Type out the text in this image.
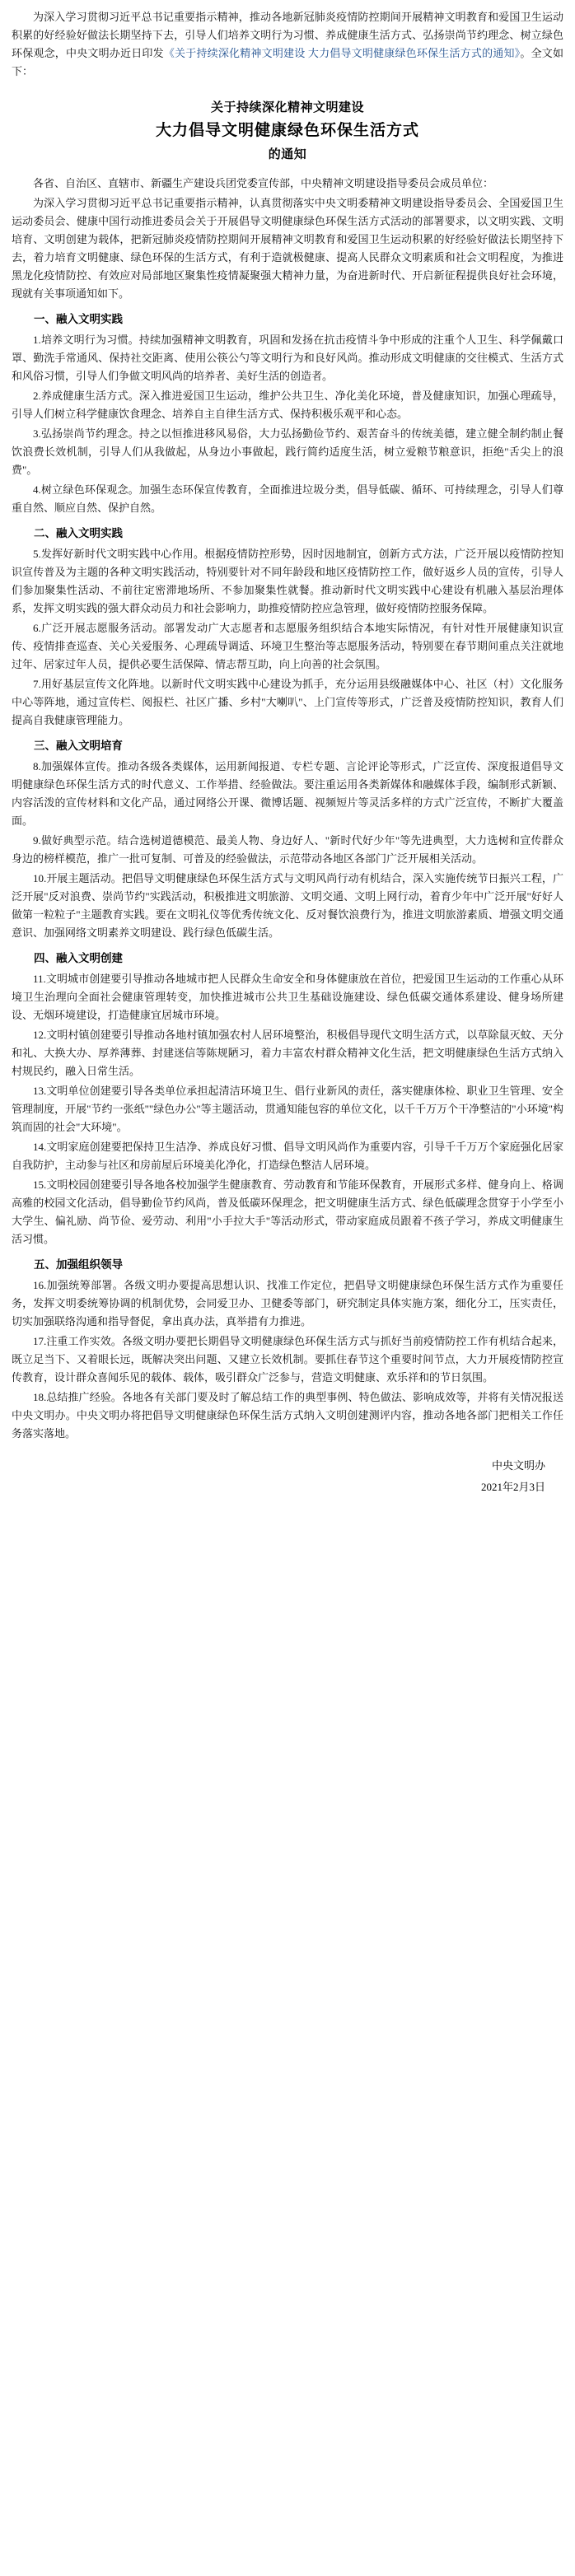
为深入学习贯彻习近平总书记重要指示精神，推动各地新冠肺炎疫情防控期间开展精神文明教育和爱国卫生运动积累的好经验好做法长期坚持下去，引导人们培养文明行为习惯、养成健康生活方式、弘扬崇尚节约理念、树立绿色环保观念，中央文明办近日印发《关于持续深化精神文明建设 大力倡导文明健康绿色环保生活方式的通知》。全文如下：
关于持续深化精神文明建设
大力倡导文明健康绿色环保生活方式
的通知

各省、自治区、直辖市、新疆生产建设兵团党委宣传部，中央精神文明建设指导委员会成员单位：

为深入学习贯彻习近平总书记重要指示精神，认真贯彻落实中央文明委精神文明建设指导委员会、全国爱国卫生运动委员会、健康中国行动推进委员会关于开展倡导文明健康绿色环保生活方式活动的部署要求，以文明实践、文明培育、文明创建为载体，把新冠肺炎疫情防控期间开展精神文明教育和爱国卫生运动积累的好经验好做法长期坚持下去，着力培育文明健康、绿色环保的生活方式，有利于造就极健康、提高人民群众文明素质和社会文明程度，为推进黑龙化疫情防控、有效应对局部地区聚集性疫情凝聚强大精神力量，为奋进新时代、开启新征程提供良好社会环境，现就有关事项通知如下。

一、融入文明实践

1.培养文明行为习惯。持续加强精神文明教育，巩固和发扬在抗击疫情斗争中形成的注重个人卫生、科学佩戴口罩、勤洗手常通风、保持社交距离、使用公筷公勺等文明行为和良好风尚。推动形成文明健康的交往模式、生活方式和风俗习惯，引导人们争做文明风尚的培养者、美好生活的创造者。

2.养成健康生活方式。深入推进爱国卫生运动，维护公共卫生、净化美化环境，普及健康知识，加强心理疏导，引导人们树立科学健康饮食理念、培养自主自律生活方式、保持积极乐观平和心态。

3.弘扬崇尚节约理念。持之以恒推进移风易俗，大力弘扬勤俭节约、艰苦奋斗的传统美德，建立健全制约制止餐饮浪费长效机制，引导人们从我做起，从身边小事做起，践行简约适度生活，树立爱粮节粮意识，拒绝"舌尖上的浪费"。

4.树立绿色环保观念。加强生态环保宣传教育，全面推进垃圾分类，倡导低碳、循环、可持续理念，引导人们尊重自然、顺应自然、保护自然。

二、融入文明实践

5.发挥好新时代文明实践中心作用。根据疫情防控形势，因时因地制宜，创新方式方法，广泛开展以疫情防控知识宣传普及为主题的各种文明实践活动，特别要针对不同年龄段和地区疫情防控工作，做好返乡人员的宣传，引导人们参加聚集性活动、不前往定密滞地场所、不参加聚集性就餐。推动新时代文明实践中心建设有机融入基层治理体系，发挥文明实践的强大群众动员力和社会影响力，助推疫情防控应急管理，做好疫情防控服务保障。

6.广泛开展志愿服务活动。部署发动广大志愿者和志愿服务组织结合本地实际情况，有针对性开展健康知识宣传、疫情排查巡查、关心关爱服务、心理疏导调适、环境卫生整治等志愿服务活动，特别要在春节期间重点关注就地过年、居家过年人员，提供必要生活保障、情志帮互助，向上向善的社会氛围。

7.用好基层宣传文化阵地。以新时代文明实践中心建设为抓手，充分运用县级融媒体中心、社区（村）文化服务中心等阵地，通过宣传栏、阅报栏、社区广播、乡村"大喇叭"、上门宣传等形式，广泛普及疫情防控知识，教育人们提高自我健康管理能力。

三、融入文明培育

8.加强媒体宣传。推动各级各类媒体，运用新闻报道、专栏专题、言论评论等形式，广泛宣传、深度报道倡导文明健康绿色环保生活方式的时代意义、工作举措、经验做法。要注重运用各类新媒体和融媒体手段，编制形式新颖、内容活泼的宣传材料和文化产品，通过网络公开课、微博话题、视频短片等灵活多样的方式广泛宣传，不断扩大覆盖面。

9.做好典型示范。结合选树道德模范、最美人物、身边好人、"新时代好少年"等先进典型，大力选树和宣传群众身边的榜样模范，推广一批可复制、可普及的经验做法，示范带动各地区各部门广泛开展相关活动。

10.开展主题活动。把倡导文明健康绿色环保生活方式与文明风尚行动有机结合，深入实施传统节日振兴工程，广泛开展"反对浪费、崇尚节约"实践活动，积极推进文明旅游、文明交通、文明上网行动，着育少年中广泛开展"好好人做第一粒粒子"主题教育实践。要在文明礼仪等优秀传统文化、反对餐饮浪费行为，推进文明旅游素质、增强文明交通意识、加强网络文明素养文明建设、践行绿色低碳生活。

四、融入文明创建

11.文明城市创建要引导推动各地城市把人民群众生命安全和身体健康放在首位，把爱国卫生运动的工作重心从环境卫生治理向全面社会健康管理转变，加快推进城市公共卫生基础设施建设、绿色低碳交通体系建设、健身场所建设、无烟环境建设，打造健康宜居城市环境。

12.文明村镇创建要引导推动各地村镇加强农村人居环境整治，积极倡导现代文明生活方式，以草除鼠灭蚊、天分和礼、大换大办、厚养薄葬、封建迷信等陈规陋习，着力丰富农村群众精神文化生活，把文明健康绿色生活方式纳入村规民约，融入日常生活。

13.文明单位创建要引导各类单位承担起清洁环境卫生、倡行业新风的责任，落实健康体检、职业卫生管理、安全管理制度，开展"节约一张纸""绿色办公"等主题活动，贯通知能包容的单位文化，以千千万万个干净整洁的"小环境"构筑而固的社会"大环境"。

14.文明家庭创建要把保持卫生洁净、养成良好习惯、倡导文明风尚作为重要内容，引导千千万万个家庭强化居家自我防护，主动参与社区和房前屋后环境美化净化，打造绿色整洁人居环境。

15.文明校园创建要引导各地各校加强学生健康教育、劳动教育和节能环保教育，开展形式多样、健身向上、格调高雅的校园文化活动，倡导勤俭节约风尚，普及低碳环保理念，把文明健康生活方式、绿色低碳理念贯穿于小学至小大学生、偏礼励、尚节俭、爱劳动、利用"小手拉大手"等活动形式，带动家庭成员跟着不孩子学习，养成文明健康生活习惯。

五、加强组织领导

16.加强统筹部署。各级文明办要提高思想认识、找准工作定位，把倡导文明健康绿色环保生活方式作为重要任务，发挥文明委统筹协调的机制优势，会同爱卫办、卫健委等部门，研究制定具体实施方案，细化分工，压实责任，切实加强联络沟通和指导督促，拿出真办法，真举措有力推进。

17.注重工作实效。各级文明办要把长期倡导文明健康绿色环保生活方式与抓好当前疫情防控工作有机结合起来，既立足当下、又着眼长远，既解决突出问题、又建立长效机制。要抓住春节这个重要时间节点，大力开展疫情防控宣传教育，设计群众喜闻乐见的载体、载体，吸引群众广泛参与，营造文明健康、欢乐祥和的节日氛围。

18.总结推广经验。各地各有关部门要及时了解总结工作的典型事例、特色做法、影响成效等，并将有关情况报送中央文明办。中央文明办将把倡导文明健康绿色环保生活方式纳入文明创建测评内容，推动各地各部门把相关工作任务落实落地。

中央文明办
2021年2月3日
